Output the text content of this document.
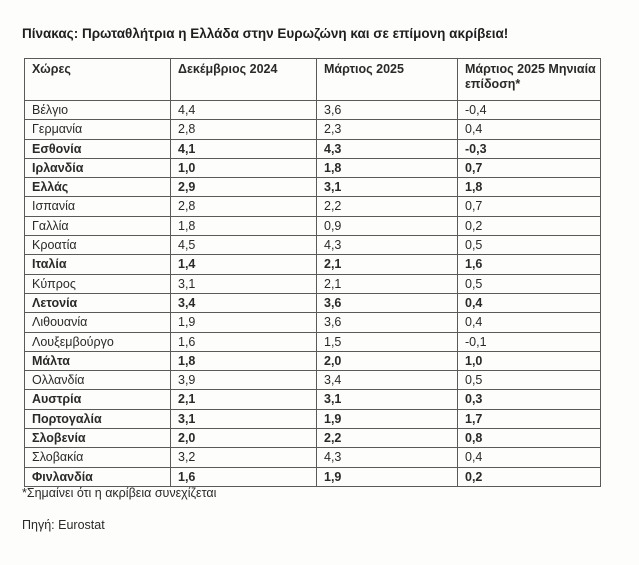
Πίνακας: Πρωταθλήτρια η Ελλάδα στην Ευρωζώνη και σε επίμονη ακρίβεια!
Χώρες	Δεκέμβριος 2024	Μάρτιος 2025	Μάρτιος 2025 Μηνιαία επίδοση*
Βέλγιο	4,4	3,6	-0,4
Γερμανία	2,8	2,3	0,4
Εσθονία	4,1	4,3	-0,3
Ιρλανδία	1,0	1,8	0,7
Ελλάς	2,9	3,1	1,8
Ισπανία	2,8	2,2	0,7
Γαλλία	1,8	0,9	0,2
Κροατία	4,5	4,3	0,5
Ιταλία	1,4	2,1	1,6
Κύπρος	3,1	2,1	0,5
Λετονία	3,4	3,6	0,4
Λιθουανία	1,9	3,6	0,4
Λουξεμβούργο	1,6	1,5	-0,1
Μάλτα	1,8	2,0	1,0
Ολλανδία	3,9	3,4	0,5
Αυστρία	2,1	3,1	0,3
Πορτογαλία	3,1	1,9	1,7
Σλοβενία	2,0	2,2	0,8
Σλοβακία	3,2	4,3	0,4
Φινλανδία	1,6	1,9	0,2
*Σημαίνει ότι η ακρίβεια συνεχίζεται
Πηγή: Eurostat
